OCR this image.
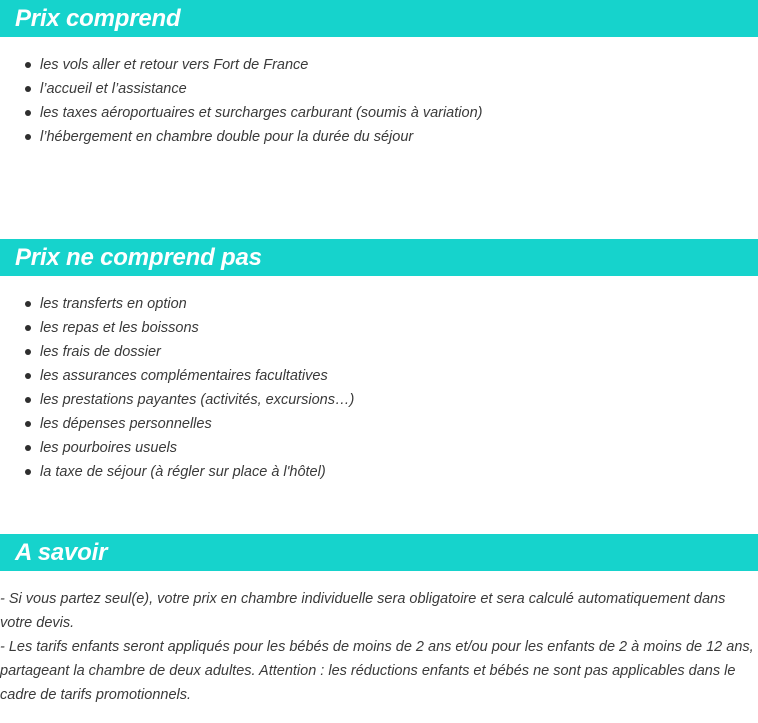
Prix comprend
les vols aller et retour vers Fort de France
l’accueil et l’assistance
les taxes aéroportuaires et surcharges carburant (soumis à variation)
l’hébergement en chambre double pour la durée du séjour
Prix ne comprend pas
les transferts en option
les repas et les boissons
les frais de dossier
les assurances complémentaires facultatives
les prestations payantes (activités, excursions…)
les dépenses personnelles
les pourboires usuels
la taxe de séjour (à régler sur place à l'hôtel)
A savoir

- Si vous partez seul(e), votre prix en chambre individuelle sera obligatoire et sera calculé automatiquement dans votre devis.

- Les tarifs enfants seront appliqués pour les bébés de moins de 2 ans et/ou pour les enfants de 2 à moins de 12 ans, partageant la chambre de deux adultes. Attention : les réductions enfants et bébés ne sont pas applicables dans le cadre de tarifs promotionnels.
